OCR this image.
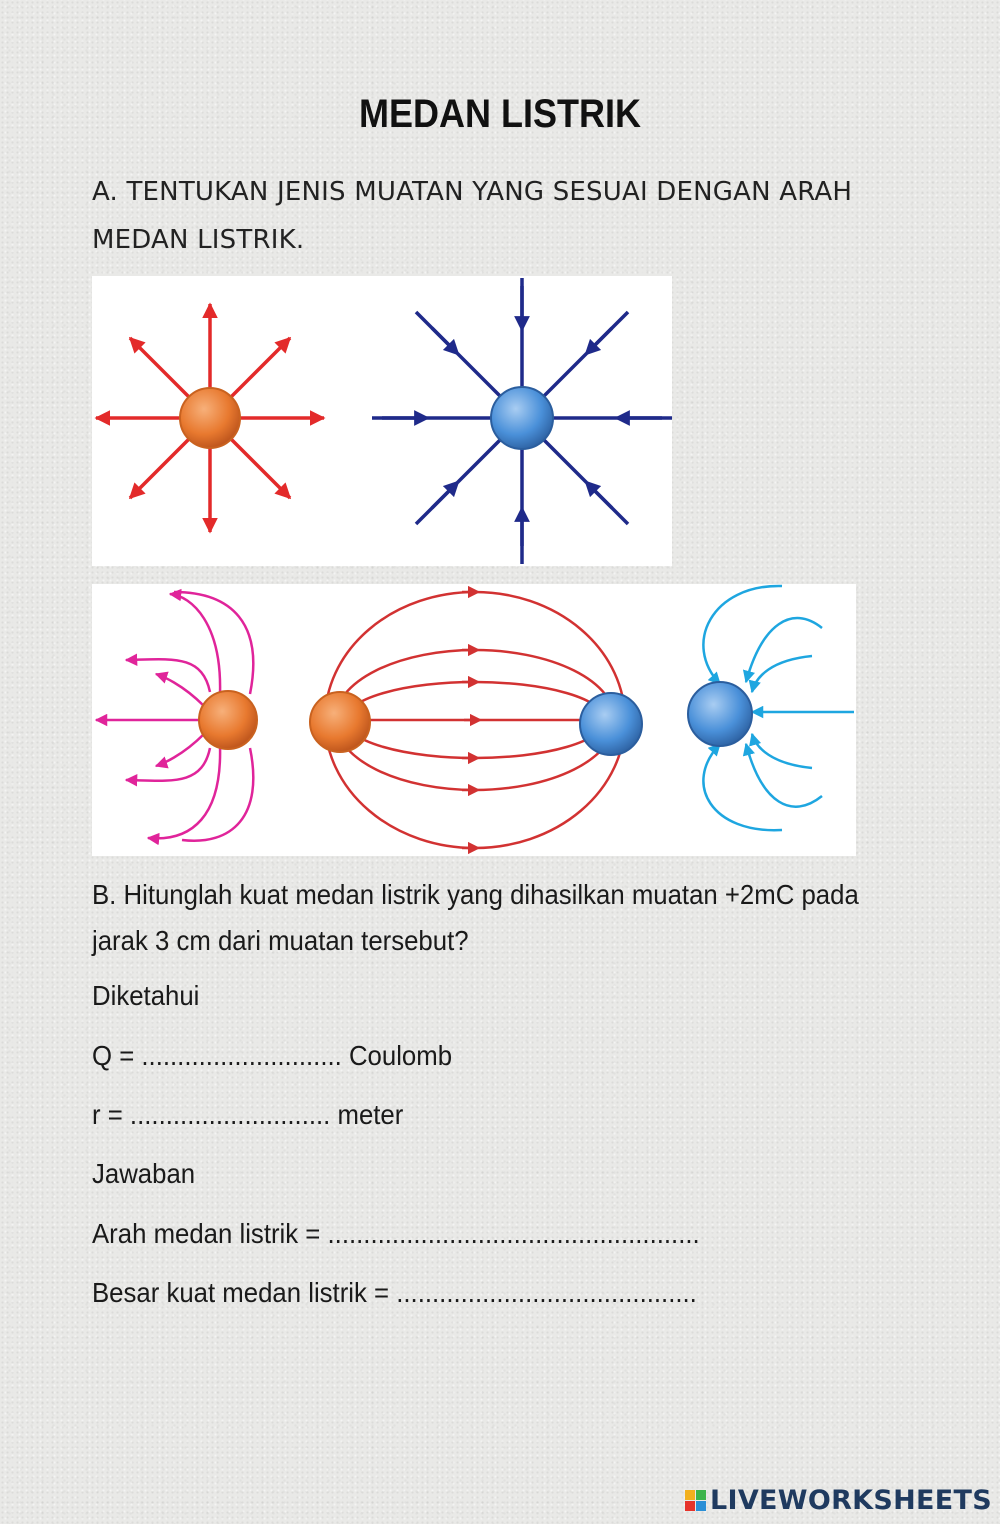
MEDAN LISTRIK
A. TENTUKAN JENIS MUATAN YANG SESUAI DENGAN ARAH MEDAN LISTRIK.
B. Hitunglah kuat medan listrik yang dihasilkan muatan +2mC pada jarak 3 cm dari muatan tersebut?
Diketahui
Q = ............................ Coulomb
r = ............................ meter
Jawaban
Arah medan listrik = ....................................................
Besar kuat medan listrik = ..........................................
LIVEWORKSHEETS
